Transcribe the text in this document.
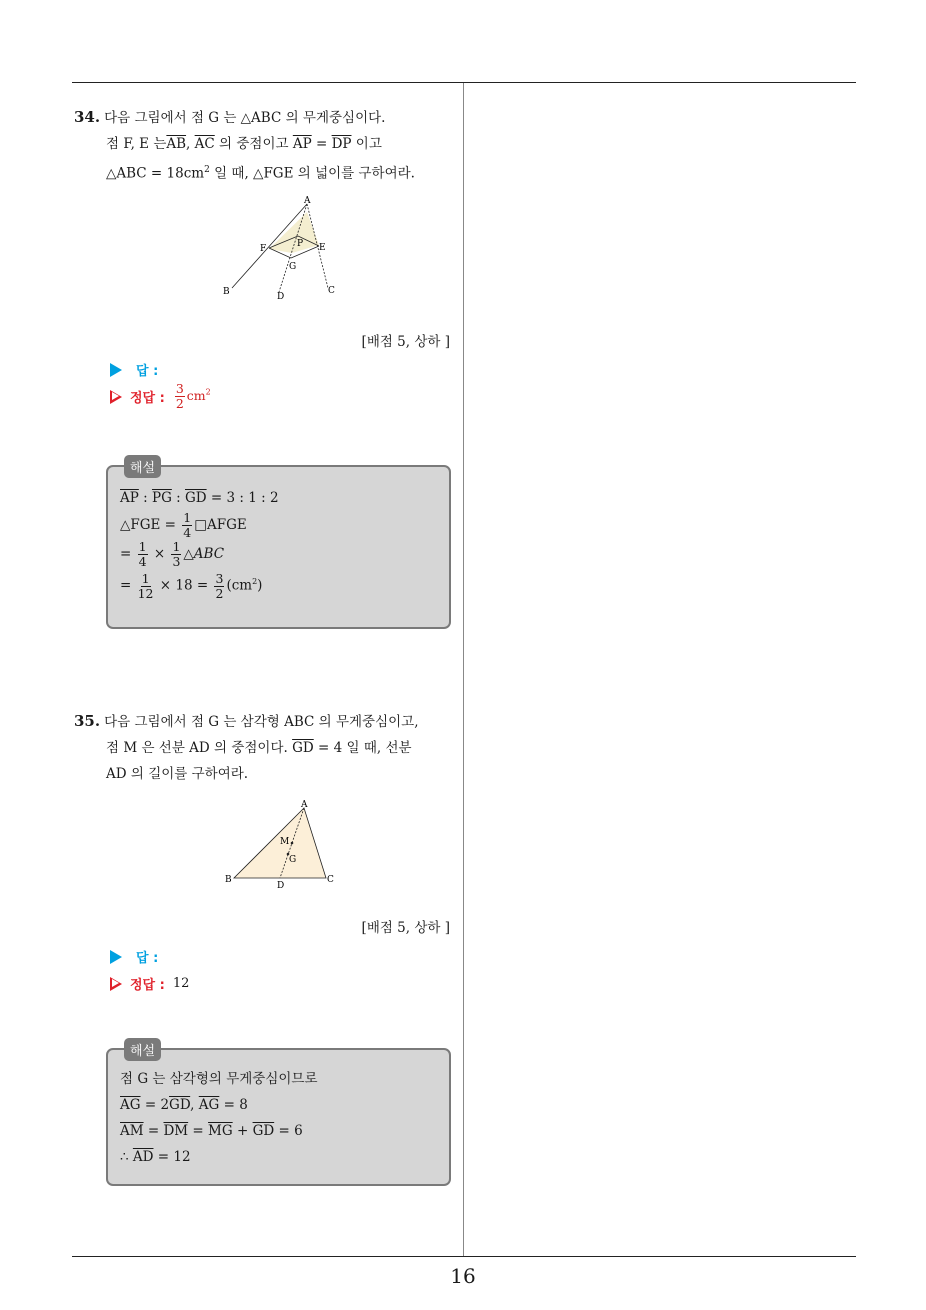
34. 다음 그림에서 점 G 는 △ABC 의 무게중심이다.
점 F, E 는$\overline{AB}$, $\overline{AC}$ 의 중점이고 $\overline{AP} = \overline{DP}$ 이고
△ABC = $18cm^2$ 일 때, △FGE 의 넓이를 구하여라.

A
B	C
D
E
F
G
P
[배점 5, 상하 ]
답 :
정답 : $\frac{3}{2} cm^2$
해설
$\overline{AP}$ : $\overline{PG}$ : $\overline{GD} = 3$ : 1 : 2
△FGE = $\frac{1}{4}$ □AFGE
= $\frac{1}{4} \times \frac{1}{3}$ △ABC
= $\frac{1}{12} \times 18 = \frac{3}{2} (cm^2)$

35. 다음 그림에서 점 G 는 삼각형 ABC 의 무게중심이고,
점 M 은 선분 AD 의 중점이다. $\overline{GD} = 4$ 일 때, 선분
AD 의 길이를 구하여라.

A
B	C
D
M
G
[배점 5, 상하 ]
답 :
정답 : 12
해설
점 G 는 삼각형의 무게중심이므로
$\overline{AG} = 2\overline{GD}$, $\overline{AG} = 8$
$\overline{AM} = \overline{DM} = \overline{MG} + \overline{GD} = 6$
∴ $\overline{AD} = 12$
16
